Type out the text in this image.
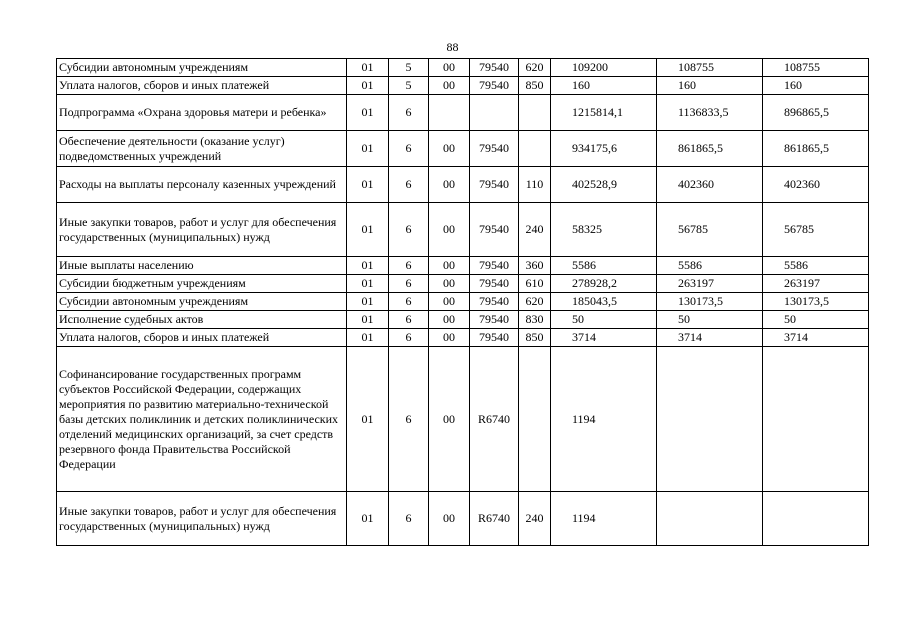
88
Субсидии автономным учреждениям	01	5	00	79540	620	109200	108755	108755
Уплата налогов, сборов и иных платежей	01	5	00	79540	850	160	160	160
Подпрограмма «Охрана здоровья матери и ребенка»	01	6				1215814,1	1136833,5	896865,5
Обеспечение деятельности (оказание услуг) подведомственных учреждений	01	6	00	79540		934175,6	861865,5	861865,5
Расходы на выплаты персоналу казенных учреждений	01	6	00	79540	110	402528,9	402360	402360
Иные закупки товаров, работ и услуг для обеспечения государственных (муниципальных) нужд	01	6	00	79540	240	58325	56785	56785
Иные выплаты населению	01	6	00	79540	360	5586	5586	5586
Субсидии бюджетным учреждениям	01	6	00	79540	610	278928,2	263197	263197
Субсидии автономным учреждениям	01	6	00	79540	620	185043,5	130173,5	130173,5
Исполнение судебных актов	01	6	00	79540	830	50	50	50
Уплата налогов, сборов и иных платежей	01	6	00	79540	850	3714	3714	3714
Софинансирование государственных программ субъектов Российской Федерации, содержащих мероприятия по развитию материально-технической базы детских поликлиник и детских поликлинических отделений медицинских организаций, за счет средств резервного фонда Правительства Российской Федерации	01	6	00	R6740		1194		
Иные закупки товаров, работ и услуг для обеспечения государственных (муниципальных) нужд	01	6	00	R6740	240	1194		
